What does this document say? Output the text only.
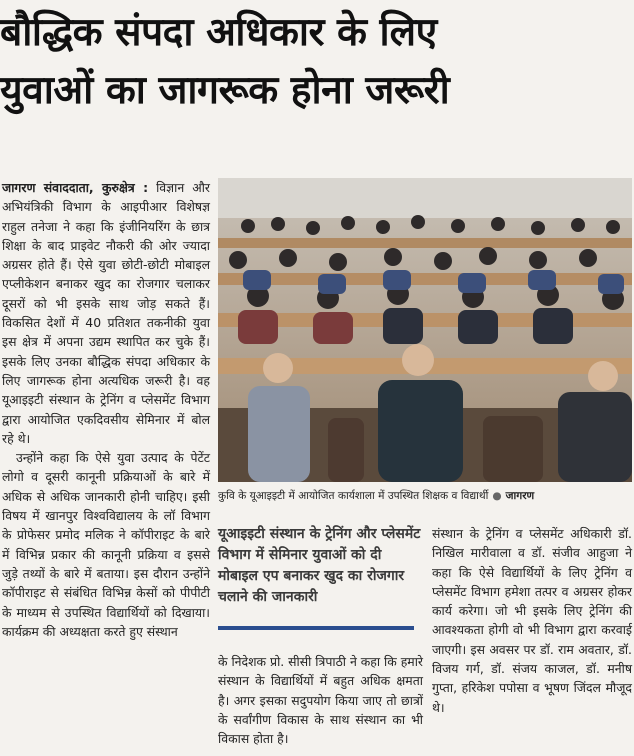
बौद्धिक संपदा अधिकार के लिए
युवाओं का जागरूक होना जरूरी

जागरण संवाददाता, कुरुक्षेत्र : विज्ञान और अभियंत्रिकी विभाग के आइपीआर विशेषज्ञ राहुल तनेजा ने कहा कि इंजीनियरिंग के छात्र शिक्षा के बाद प्राइवेट नौकरी की ओर ज्यादा अग्रसर होते हैं। ऐसे युवा छोटी-छोटी मोबाइल एप्लीकेशन बनाकर खुद का रोजगार चलाकर दूसरों को भी इसके साथ जोड़ सकते हैं। विकसित देशों में 40 प्रतिशत तकनीकी युवा इस क्षेत्र में अपना उद्यम स्थापित कर चुके हैं। इसके लिए उनका बौद्धिक संपदा अधिकार के लिए जागरूक होना अत्यधिक जरूरी है। वह यूआइइटी संस्थान के ट्रेनिंग व प्लेसमेंट विभाग द्वारा आयोजित एकदिवसीय सेमिनार में बोल रहे थे।

उन्होंने कहा कि ऐसे युवा उत्पाद के पेटेंट लोगो व दूसरी कानूनी प्रक्रियाओं के बारे में अधिक से अधिक जानकारी होनी चाहिए। इसी विषय में खानपुर विश्वविद्यालय के लॉ विभाग के प्रोफेसर प्रमोद मलिक ने कॉपीराइट के बारे में विभिन्न प्रकार की कानूनी प्रक्रिया व इससे जुड़े तथ्यों के बारे में बताया। इस दौरान उन्होंने कॉपीराइट से संबंधित विभिन्न केसों को पीपीटी के माध्यम से उपस्थित विद्यार्थियों को दिखाया। कार्यक्रम की अध्यक्षता करते हुए संस्थान

कुवि के यूआइइटी में आयोजित कार्यशाला में उपस्थित शिक्षक व विद्यार्थी ● जागरण
यूआइइटी संस्थान के ट्रेनिंग और प्लेसमेंट विभाग में सेमिनार युवाओं को दी मोबाइल एप बनाकर खुद का रोजगार चलाने की जानकारी

के निदेशक प्रो. सीसी त्रिपाठी ने कहा कि हमारे संस्थान के विद्यार्थियों में बहुत अधिक क्षमता है। अगर इसका सदुपयोग किया जाए तो छात्रों के सर्वांगीण विकास के साथ संस्थान का भी विकास होता है।

संस्थान के ट्रेनिंग व प्लेसमेंट अधिकारी डॉ. निखिल मारीवाला व डॉ. संजीव आहुजा ने कहा कि ऐसे विद्यार्थियों के लिए ट्रेनिंग व प्लेसमेंट विभाग हमेशा तत्पर व अग्रसर होकर कार्य करेगा। जो भी इसके लिए ट्रेनिंग की आवश्यकता होगी वो भी विभाग द्वारा करवाई जाएगी। इस अवसर पर डॉ. राम अवतार, डॉ. विजय गर्ग, डॉ. संजय काजल, डॉ. मनीष गुप्ता, हरिकेश पपोसा व भूषण जिंदल मौजूद थे।
